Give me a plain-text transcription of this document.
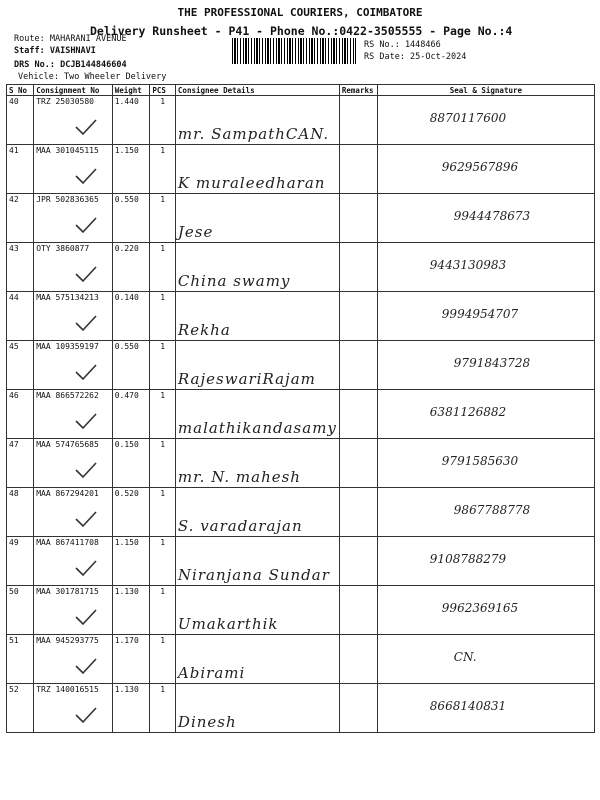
THE PROFESSIONAL COURIERS, COIMBATORE
Delivery Runsheet - P41 - Phone No.:0422-3505555 - Page No.:4
Route: MAHARANI AVENUE
Staff: VAISHNAVI
DRS No.: DCJB144846604
Vehicle: Two Wheeler Delivery
RS No.: 1448466
RS Date: 25-Oct-2024
S No	Consignment No	Weight	PCS	Consignee Details	Remarks	Seal & Signature
40	TRZ 25030580	1.440	1	mr. SampathCAN.		8870117600

41	MAA 301045115	1.150	1	K muraleedharan		9629567896

42	JPR 502836365	0.550	1	Jese		9944478673

43	OTY 3860877	0.220	1	China swamy		9443130983

44	MAA 575134213	0.140	1	Rekha		9994954707

45	MAA 109359197	0.550	1	RajeswariRajam		9791843728

46	MAA 866572262	0.470	1	malathikandasamy		6381126882

47	MAA 574765685	0.150	1	mr. N. mahesh		9791585630

48	MAA 867294201	0.520	1	S. varadarajan		9867788778

49	MAA 867411708	1.150	1	Niranjana Sundar		9108788279

50	MAA 301781715	1.130	1	Umakarthik		9962369165

51	MAA 945293775	1.170	1	Abirami		CN.

52	TRZ 140016515	1.130	1	Dinesh		8668140831
